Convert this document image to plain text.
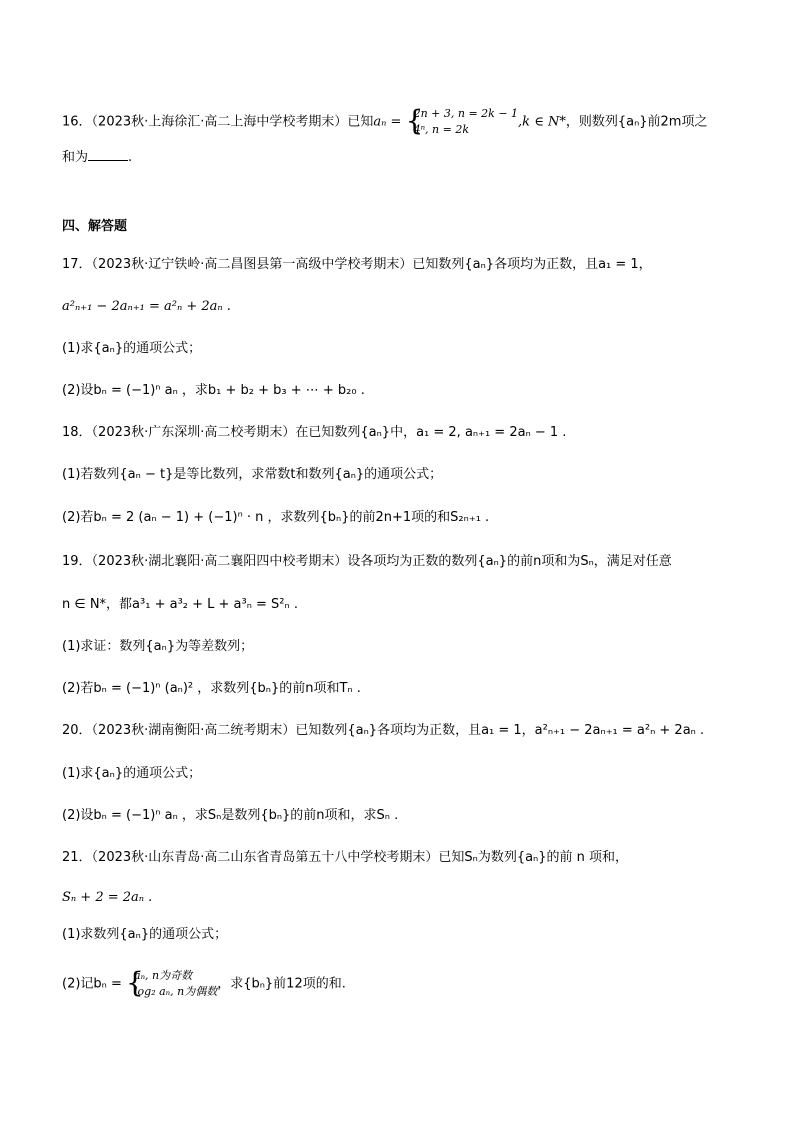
16．（2023秋·上海徐汇·高二上海中学校考期末）已知aₙ = {
2n + 3, n = 2k − 1
4ⁿ, n = 2k	,k ∈ N*，则数列{aₙ}前2m项之
和为	.
四、解答题
17．（2023秋·辽宁铁岭·高二昌图县第一高级中学校考期末）已知数列{aₙ}各项均为正数，且a₁ = 1，
a²ₙ₊₁ − 2aₙ₊₁ = a²ₙ + 2aₙ .
(1)求{aₙ}的通项公式；
(2)设bₙ = (−1)ⁿ aₙ ，求b₁ + b₂ + b₃ + ⋯ + b₂₀ .
18．（2023秋·广东深圳·高二校考期末）在已知数列{aₙ}中，a₁ = 2, aₙ₊₁ = 2aₙ − 1 .
(1)若数列{aₙ − t}是等比数列，求常数t和数列{aₙ}的通项公式；
(2)若bₙ = 2 (aₙ − 1) + (−1)ⁿ · n ，求数列{bₙ}的前2n+1项的和S₂ₙ₊₁ .
19．（2023秋·湖北襄阳·高二襄阳四中校考期末）设各项均为正数的数列{aₙ}的前n项和为Sₙ，满足对任意
n ∈ N*，都a³₁ + a³₂ + L + a³ₙ = S²ₙ .
(1)求证：数列{aₙ}为等差数列；
(2)若bₙ = (−1)ⁿ (aₙ)² ，求数列{bₙ}的前n项和Tₙ .
20．（2023秋·湖南衡阳·高二统考期末）已知数列{aₙ}各项均为正数，且a₁ = 1，a²ₙ₊₁ − 2aₙ₊₁ = a²ₙ + 2aₙ .
(1)求{aₙ}的通项公式；
(2)设bₙ = (−1)ⁿ aₙ ，求Sₙ是数列{bₙ}的前n项和，求Sₙ .
21．（2023秋·山东青岛·高二山东省青岛第五十八中学校考期末）已知Sₙ为数列{aₙ}的前 n 项和，
Sₙ + 2 = 2aₙ .
(1)求数列{aₙ}的通项公式；
(2)记bₙ = {
aₙ, n为奇数
log₂ aₙ, n为偶数 ，求{bₙ}前12项的和.
